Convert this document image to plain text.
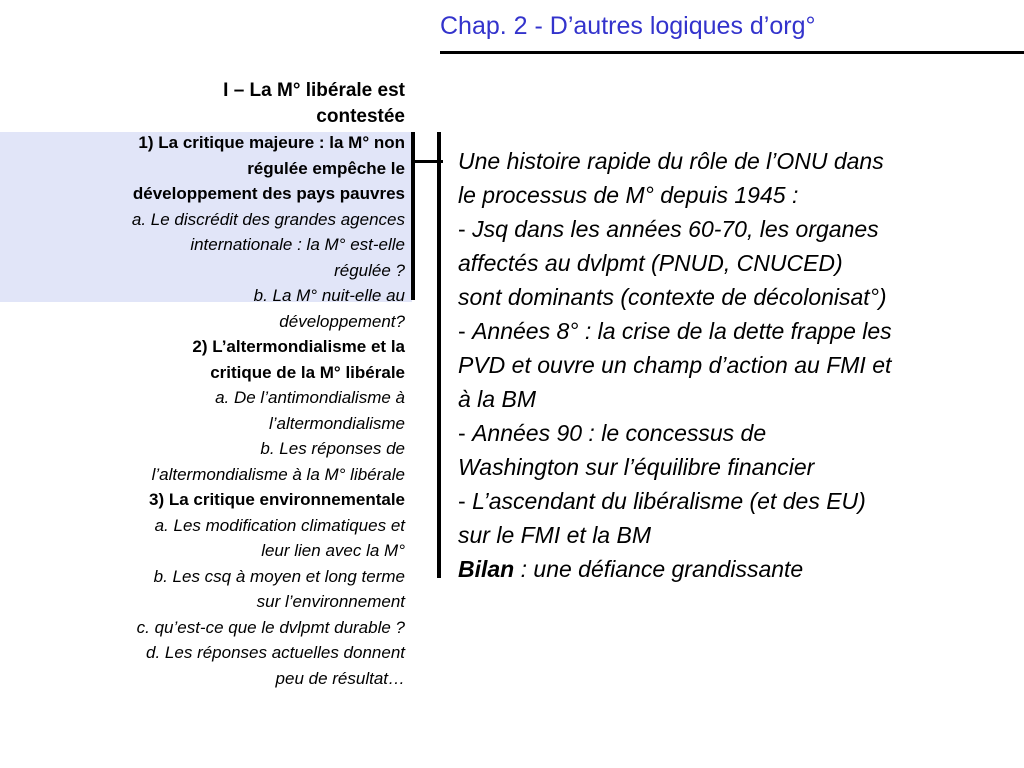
Chap. 2 - D’autres logiques d’org°
I – La M° libérale est
contestée
1) La critique majeure : la M° non
régulée empêche le
développement des pays pauvres
a. Le discrédit des grandes agences
internationale : la M° est-elle
régulée ?
b. La M° nuit-elle au
développement?
2) L’altermondialisme et la
critique de la M° libérale
a. De l’antimondialisme à
l’altermondialisme
b. Les réponses de
l’altermondialisme à la M° libérale
3) La critique environnementale
a. Les modification climatiques et
leur lien avec la M°
b. Les csq à moyen et long terme
sur l’environnement
c. qu’est-ce que le dvlpmt durable ?
d. Les réponses actuelles donnent
peu de résultat…
Une histoire rapide du rôle de l’ONU dans
le processus de M° depuis 1945 :
- Jsq dans les années 60-70, les organes
affectés au dvlpmt (PNUD, CNUCED)
sont dominants (contexte de décolonisat°)
- Années 8° : la crise de la dette frappe les
PVD et ouvre un champ d’action au FMI et
à la BM
- Années 90 : le concessus de
Washington sur l’équilibre financier
- L’ascendant du libéralisme (et des EU)
sur le FMI et la BM
Bilan : une défiance grandissante
